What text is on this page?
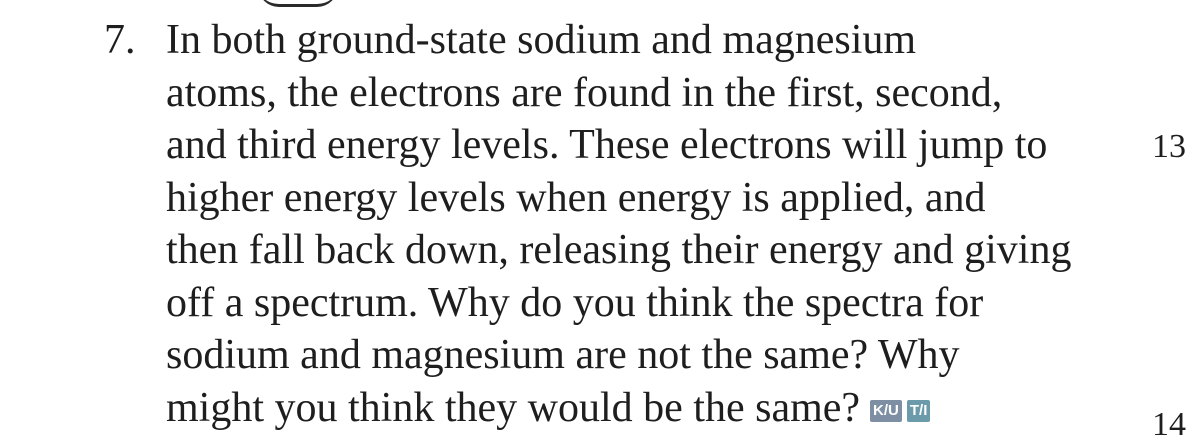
7. In both ground-state sodium and magnesium
atoms, the electrons are found in the first, second,
and third energy levels. These electrons will jump to
higher energy levels when energy is applied, and
then fall back down, releasing their energy and giving
off a spectrum. Why do you think the spectra for
sodium and magnesium are not the same? Why
might you think they would be the same? K/U T/I
13
14
